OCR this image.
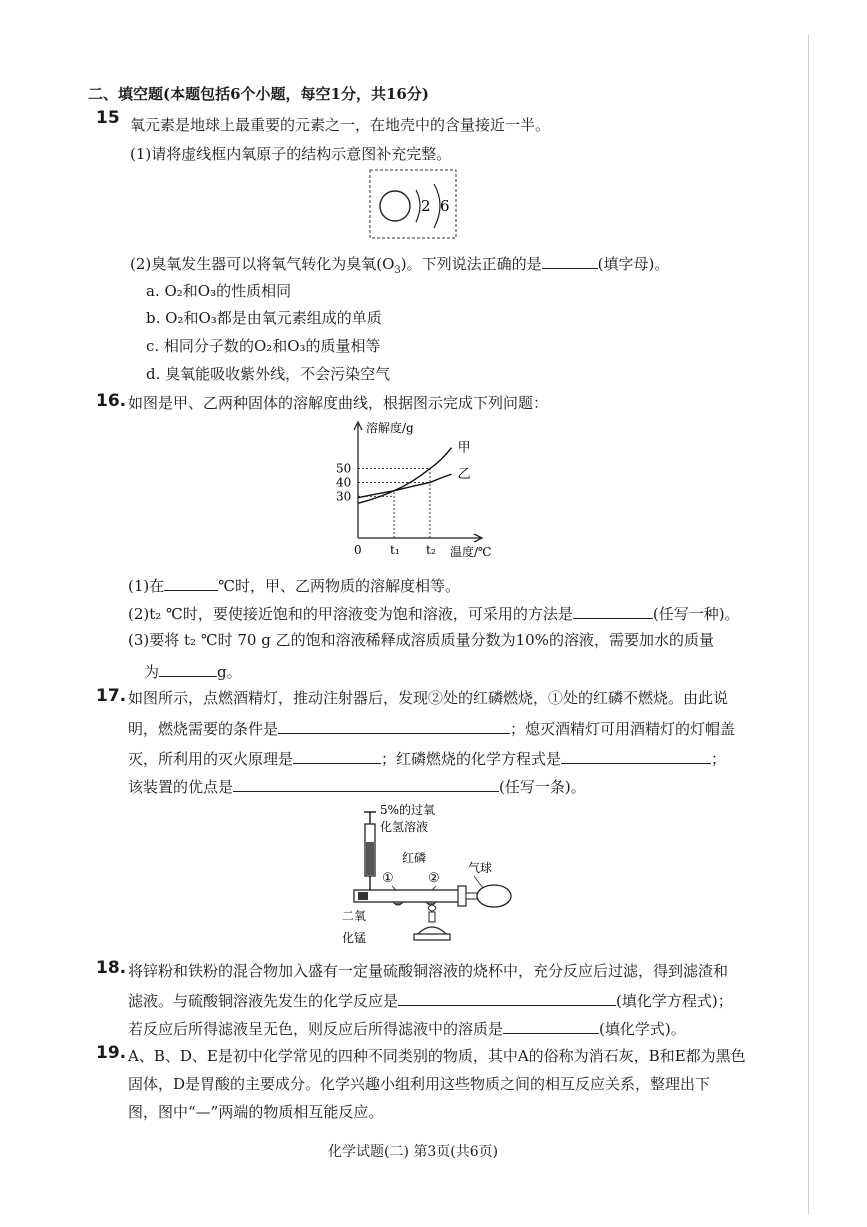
二、填空题(本题包括6个小题，每空1分，共16分)
15 氧元素是地球上最重要的元素之一，在地壳中的含量接近一半。
(1)请将虚线框内氧原子的结构示意图补充完整。
2 6
(2)臭氧发生器可以将氧气转化为臭氧$(O_3)$。下列说法正确的是	(填字母)。
a. O₂和O₃的性质相同
b. O₂和O₃都是由氧元素组成的单质
c. 相同分子数的O₂和O₃的质量相等
d. 臭氧能吸收紫外线，不会污染空气
16. 如图是甲、乙两种固体的溶解度曲线，根据图示完成下列问题：
溶解度/g
温度/℃
0
30
40
50
t₁ t₂
甲
乙
(1)在	℃时，甲、乙两物质的溶解度相等。
(2)t₂ ℃时，要使接近饱和的甲溶液变为饱和溶液，可采用的方法是	(任写一种)。
(3)要将 t₂ ℃时 70 g 乙的饱和溶液稀释成溶质质量分数为10%的溶液，需要加水的质量
为	g。
17. 如图所示，点燃酒精灯，推动注射器后，发现②处的红磷燃烧，①处的红磷不燃烧。由此说
明，燃烧需要的条件是	；熄灭酒精灯可用酒精灯的灯帽盖
灭，所利用的灭火原理是	；红磷燃烧的化学方程式是	；
该装置的优点是	(任写一条)。
5%的过氧
化氢溶液
红磷
①	②
气球
二氧
化锰
18. 将锌粉和铁粉的混合物加入盛有一定量硫酸铜溶液的烧杯中，充分反应后过滤，得到滤渣和
滤液。与硫酸铜溶液先发生的化学反应是	(填化学方程式)；
若反应后所得滤液呈无色，则反应后所得滤液中的溶质是	(填化学式)。
19. A、B、D、E是初中化学常见的四种不同类别的物质，其中A的俗称为消石灰，B和E都为黑色
固体，D是胃酸的主要成分。化学兴趣小组利用这些物质之间的相互反应关系，整理出下
图，图中“—”两端的物质相互能反应。
化学试题(二) 第3页(共6页)
